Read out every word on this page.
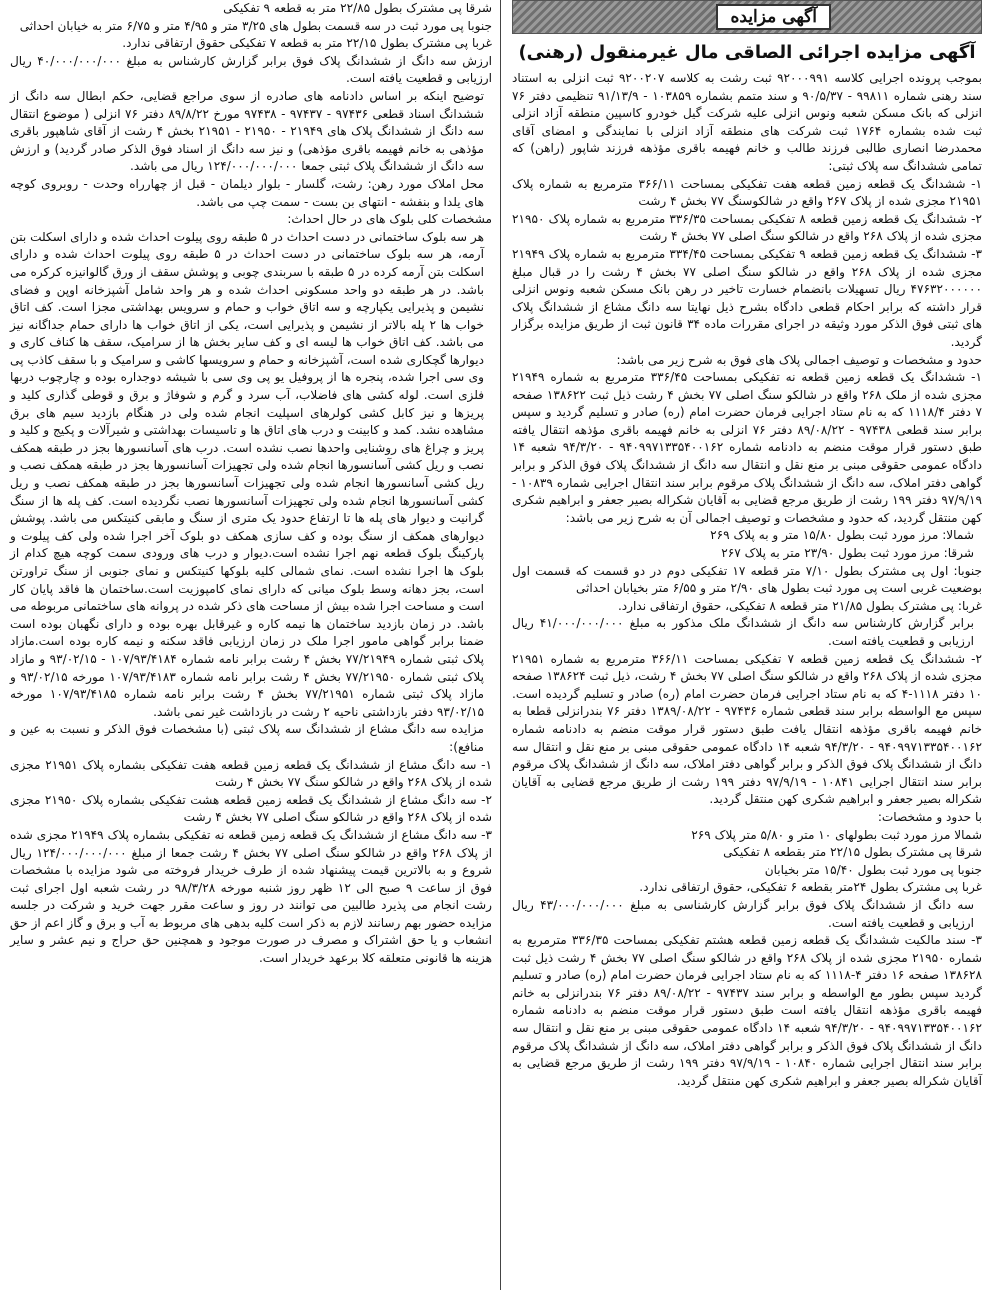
آگهی مزایده
آگهی مزایده اجرائی الصاقی مال غیرمنقول (رهنی)

بموجب پرونده اجرایی کلاسه ۹۲۰۰۰۹۹۱ ثبت رشت به کلاسه ۹۲۰۰۲۰۷ ثبت انزلی به استناد سند رهنی شماره ۹۹۸۱۱ - ۹۰/۵/۳۷ و سند متمم بشماره ۱۰۳۸۵۹ - ۹۱/۱۳/۹ تنظیمی دفتر ۷۶ انزلی که بانک مسکن شعبه ونوس انزلی علیه شرکت گیل خودرو کاسپین منطقه آزاد انزلی ثبت شده بشماره ۱۷۶۴ ثبت شرکت های منطقه آزاد انزلی با نمایندگی و امضای آقای محمدرضا انصاری طالبی فرزند طالب و خانم فهیمه باقری مؤذهه فرزند شاپور (راهن) که تمامی ششدانگ سه پلاک ثبتی:

۱- ششدانگ یک قطعه زمین قطعه هفت تفکیکی بمساحت ۳۶۶/۱۱ مترمربع به شماره پلاک ۲۱۹۵۱ مجزی شده از پلاک ۲۶۷ واقع در شالکوسنگ ۷۷ بخش ۴ رشت

۲- ششدانگ یک قطعه زمین قطعه ۸ تفکیکی بمساحت ۳۳۶/۳۵ مترمربع به شماره پلاک ۲۱۹۵۰ مجزی شده از پلاک ۲۶۸ واقع در شالکو سنگ اصلی ۷۷ بخش ۴ رشت

۳- ششدانگ یک قطعه زمین قطعه ۹ تفکیکی بمساحت ۳۳۴/۴۵ مترمربع به شماره پلاک ۲۱۹۴۹ مجزی شده از پلاک ۲۶۸ واقع در شالکو سنگ اصلی ۷۷ بخش ۴ رشت را در قبال مبلغ ۴۷۶۳۲۰۰۰۰۰۰ ریال تسهیلات بانضمام خسارت تاخیر در رهن بانک مسکن شعبه ونوس انزلی قرار داشته که برابر احکام قطعی دادگاه بشرح ذیل نهایتا سه دانگ مشاع از ششدانگ پلاک های ثبتی فوق الذکر مورد وثیقه در اجرای مقررات ماده ۳۴ قانون ثبت از طریق مزایده برگزار گردید.

حدود و مشخصات و توصیف اجمالی پلاک های فوق به شرح زیر می باشد:

۱- ششدانگ یک قطعه زمین قطعه نه تفکیکی بمساحت ۳۳۶/۴۵ مترمربع به شماره ۲۱۹۴۹ مجزی شده از ملک ۲۶۸ واقع در شالکو سنگ اصلی ۷۷ بخش ۴ رشت ذیل ثبت ۱۳۸۶۲۲ صفحه ۷ دفتر ۱۱۱۸/۴ که به نام ستاد اجرایی فرمان حضرت امام (ره) صادر و تسلیم گردید و سپس برابر سند قطعی ۹۷۴۳۸ - ۸۹/۰۸/۲۲ دفتر ۷۶ انزلی به خانم فهیمه باقری مؤذهه انتقال یافته طبق دستور قرار موقت منضم به دادنامه شماره ۹۴۰۹۹۷۱۳۳۵۴۰۰۱۶۲ - ۹۴/۳/۲۰ شعبه ۱۴ دادگاه عمومی حقوقی مبنی بر منع نقل و انتقال سه دانگ از ششدانگ پلاک فوق الذکر و برابر گواهی دفتر املاک، سه دانگ از ششدانگ پلاک مرقوم برابر سند انتقال اجرایی شماره ۱۰۸۳۹ - ۹۷/۹/۱۹ دفتر ۱۹۹ رشت از طریق مرجع قضایی به آقایان شکراله بصیر جعفر و ابراهیم شکری کهن منتقل گردید، که حدود و مشخصات و توصیف اجمالی آن به شرح زیر می باشد:

شمالا: مرز مورد ثبت بطول ۱۵/۸۰ متر و به پلاک ۲۶۹

شرقا: مرز مورد ثبت بطول ۲۳/۹۰ متر به پلاک ۲۶۷

جنوبا: اول پی مشترک بطول ۷/۱۰ متر قطعه ۱۷ تفکیکی دوم در دو قسمت که قسمت اول بوضعیت غربی است پی مورد ثبت بطول های ۲/۹۰ متر و ۶/۵۵ متر بخیابان احداثی

غربا: پی مشترک بطول ۲۱/۸۵ متر قطعه ۸ تفکیکی، حقوق ارتفاقی ندارد.

برابر گزارش کارشناس سه دانگ از ششدانگ ملک مذکور به مبلغ ۴۱/۰۰۰/۰۰۰/۰۰۰ ریال ارزیابی و قطعیت یافته است.

۲- ششدانگ یک قطعه زمین قطعه ۷ تفکیکی بمساحت ۳۶۶/۱۱ مترمربع به شماره ۲۱۹۵۱ مجزی شده از پلاک ۲۶۸ واقع در شالکو سنگ اصلی ۷۷ بخش ۴ رشت، ذیل ثبت ۱۳۸۶۲۴ صفحه ۱۰ دفتر ۱۱۱۸-۴ که به نام ستاد اجرایی فرمان حضرت امام (ره) صادر و تسلیم گردیده است. سپس مع الواسطه برابر سند قطعی شماره ۹۷۴۳۶ - ۱۳۸۹/۰۸/۲۲ دفتر ۷۶ بندرانزلی قطعا به خانم فهیمه باقری مؤذهه انتقال یافت طبق دستور قرار موقت منضم به دادنامه شماره ۹۴۰۹۹۷۱۳۳۵۴۰۰۱۶۲ - ۹۴/۳/۲۰ شعبه ۱۴ دادگاه عمومی حقوقی مبنی بر منع نقل و انتقال سه دانگ از ششدانگ پلاک فوق الذکر و برابر گواهی دفتر املاک، سه دانگ از ششدانگ پلاک مرقوم برابر سند انتقال اجرایی ۱۰۸۴۱ - ۹۷/۹/۱۹ دفتر ۱۹۹ رشت از طریق مرجع قضایی به آقایان شکراله بصیر جعفر و ابراهیم شکری کهن منتقل گردید.

با حدود و مشخصات:

شمالا مرز مورد ثبت بطولهای ۱۰ متر و ۵/۸۰ متر پلاک ۲۶۹

شرقا پی مشترک بطول ۲۲/۱۵ متر بقطعه ۸ تفکیکی

جنوبا پی مورد ثبت بطول ۱۵/۴۰ متر بخیابان

غربا پی مشترک بطول ۲۴متر بقطعه ۶ تفکیکی، حقوق ارتفاقی ندارد.

سه دانگ از ششدانگ پلاک فوق برابر گزارش کارشناسی به مبلغ ۴۳/۰۰۰/۰۰۰/۰۰۰ ریال ارزیابی و قطعیت یافته است.

۳- سند مالکیت ششدانگ یک قطعه زمین قطعه هشتم تفکیکی بمساحت ۳۳۶/۳۵ مترمربع به شماره ۲۱۹۵۰ مجزی شده از پلاک ۲۶۸ واقع در شالکو سنگ اصلی ۷۷ بخش ۴ رشت ذیل ثبت ۱۳۸۶۲۸ صفحه ۱۶ دفتر ۴-۱۱۱۸ که به نام ستاد اجرایی فرمان حضرت امام (ره) صادر و تسلیم گردید سپس بطور مع الواسطه و برابر سند ۹۷۴۳۷ - ۸۹/۰۸/۲۲ دفتر ۷۶ بندرانزلی به خانم فهیمه باقری مؤذهه انتقال یافته است طبق دستور قرار موقت منضم به دادنامه شماره ۹۴۰۹۹۷۱۳۳۵۴۰۰۱۶۲ - ۹۴/۳/۲۰ شعبه ۱۴ دادگاه عمومی حقوقی مبنی بر منع نقل و انتقال سه دانگ از ششدانگ پلاک فوق الذکر و برابر گواهی دفتر املاک، سه دانگ از ششدانگ پلاک مرقوم برابر سند انتقال اجرایی شماره ۱۰۸۴۰ - ۹۷/۹/۱۹ دفتر ۱۹۹ رشت از طریق مرجع قضایی به آقایان شکراله بصیر جعفر و ابراهیم شکری کهن منتقل گردید.

شرقا پی مشترک بطول ۲۲/۸۵ متر به قطعه ۹ تفکیکی

جنوبا پی مورد ثبت در سه قسمت بطول های ۳/۲۵ متر و ۴/۹۵ متر و ۶/۷۵ متر به خیابان احداثی

غربا پی مشترک بطول ۲۲/۱۵ متر به قطعه ۷ تفکیکی حقوق ارتفاقی ندارد.

ارزش سه دانگ از ششدانگ پلاک فوق برابر گزارش کارشناس به مبلغ ۴۰/۰۰۰/۰۰۰/۰۰۰ ریال ارزیابی و قطعیت یافته است.

توضیح اینکه بر اساس دادنامه های صادره از سوی مراجع قضایی، حکم ابطال سه دانگ از ششدانگ اسناد قطعی ۹۷۴۳۶ - ۹۷۴۳۷ - ۹۷۴۳۸ مورخ ۸۹/۸/۲۲ دفتر ۷۶ انزلی ( موضوع انتقال سه دانگ از ششدانگ پلاک های ۲۱۹۴۹ - ۲۱۹۵۰ - ۲۱۹۵۱ بخش ۴ رشت از آقای شاهپور باقری مؤذهی به خانم فهیمه باقری مؤذهی) و نیز سه دانگ از اسناد فوق الذکر صادر گردید) و ارزش سه دانگ از ششدانگ پلاک ثبتی جمعا ۱۲۴/۰۰۰/۰۰۰/۰۰۰ ریال می باشد.

محل املاک مورد رهن: رشت، گلسار - بلوار دیلمان - قبل از چهارراه وحدت - روبروی کوچه های یلدا و بنفشه - انتهای بن بست - سمت چپ می باشد.

مشخصات کلی بلوک های در حال احداث:

هر سه بلوک ساختمانی در دست احداث در ۵ طبقه روی پیلوت احداث شده و دارای اسکلت بتن آرمه، هر سه بلوک ساختمانی در دست احداث در ۵ طبقه روی پیلوت احداث شده و دارای اسکلت بتن آرمه کرده در ۵ طبقه با سربندی چوبی و پوشش سقف از ورق گالوانیزه کرکره می باشد. در هر طبقه دو واحد مسکونی احداث شده و هر واحد شامل آشپزخانه اوپن و فضای نشیمن و پذیرایی یکپارچه و سه اتاق خواب و حمام و سرویس بهداشتی مجزا است. کف اتاق خواب ها ۲ پله بالاتر از نشیمن و پذیرایی است، یکی از اتاق خواب ها دارای حمام جداگانه نیز می باشد. کف اتاق خواب ها لیسه ای و کف سایر بخش ها از سرامیک، سقف ها کناف کاری و دیوارها گچکاری شده است، آشپزخانه و حمام و سرویسها کاشی و سرامیک و با سقف کاذب پی وی سی اجرا شده، پنجره ها از پروفیل یو پی وی سی با شیشه دوجداره بوده و چارچوب دربها فلزی است. لوله کشی های فاضلاب، آب سرد و گرم و شوفاژ و برق و قوطی گذاری کلید و پریزها و نیز کابل کشی کولرهای اسپلیت انجام شده ولی در هنگام بازدید سیم های برق مشاهده نشد. کمد و کابینت و درب های اتاق ها و تاسیسات بهداشتی و شیرآلات و پکیج و کلید و پریز و چراغ های روشنایی واحدها نصب نشده است. درب های آسانسورها بجز در طبقه همکف نصب و ریل کشی آسانسورها انجام شده ولی تجهیزات آسانسورها بجز در طبقه همکف نصب و ریل کشی آسانسورها انجام شده ولی تجهیزات آسانسورها بجز در طبقه همکف نصب و ریل کشی آسانسورها انجام شده ولی تجهیزات آسانسورها نصب نگردیده است. کف پله ها از سنگ گرانیت و دیوار های پله ها تا ارتفاع حدود یک متری از سنگ و مابقی کنیتکس می باشد. پوشش دیوارهای همکف از سنگ بوده و کف سازی همکف دو بلوک آخر اجرا شده ولی کف پیلوت و پارکینگ بلوک قطعه نهم اجرا نشده است.دیوار و درب های ورودی سمت کوچه هیچ کدام از بلوک ها اجرا نشده است. نمای شمالی کلیه بلوکها کنیتکس و نمای جنوبی از سنگ تراورتن است، بجز دهانه وسط بلوک میانی که دارای نمای کامپوزیت است.ساختمان ها فاقد پایان کار است و مساحت اجرا شده بیش از مساحت های ذکر شده در پروانه های ساختمانی مربوطه می باشد. در زمان بازدید ساختمان ها نیمه کاره و غیرقابل بهره بوده و دارای نگهبان بوده است ضمنا برابر گواهی مامور اجرا ملک در زمان ارزیابی فاقد سکنه و نیمه کاره بوده است.مازاد پلاک ثبتی شماره ۷۷/۲۱۹۴۹ بخش ۴ رشت برابر نامه شماره ۱۰۷/۹۳/۴۱۸۴ - ۹۳/۰۲/۱۵ و مازاد پلاک ثبتی شماره ۷۷/۲۱۹۵۰ بخش ۴ رشت برابر نامه شماره ۱۰۷/۹۳/۴۱۸۳ مورخه ۹۳/۰۲/۱۵ و مازاد پلاک ثبتی شماره ۷۷/۲۱۹۵۱ بخش ۴ رشت برابر نامه شماره ۱۰۷/۹۳/۴۱۸۵ مورخه ۹۳/۰۲/۱۵ دفتر بازداشتی ناحیه ۲ رشت در بازداشت غیر نمی باشد.

مزایده سه دانگ مشاع از ششدانگ سه پلاک ثبتی (با مشخصات فوق الذکر و نسبت به عین و منافع):

۱- سه دانگ مشاع از ششدانگ یک قطعه زمین قطعه هفت تفکیکی بشماره پلاک ۲۱۹۵۱ مجزی شده از پلاک ۲۶۸ واقع در شالکو سنگ ۷۷ بخش ۴ رشت

۲- سه دانگ مشاع از ششدانگ یک قطعه زمین قطعه هشت تفکیکی بشماره پلاک ۲۱۹۵۰ مجزی شده از پلاک ۲۶۸ واقع در شالکو سنگ اصلی ۷۷ بخش ۴ رشت

۳- سه دانگ مشاع از ششدانگ یک قطعه زمین قطعه نه تفکیکی بشماره پلاک ۲۱۹۴۹ مجزی شده از پلاک ۲۶۸ واقع در شالکو سنگ اصلی ۷۷ بخش ۴ رشت جمعا از مبلغ ۱۲۴/۰۰۰/۰۰۰/۰۰۰ ریال شروع و به بالاترین قیمت پیشنهاد شده از طرف خریدار فروخته می شود مزایده با مشخصات فوق از ساعت ۹ صبح الی ۱۲ ظهر روز شنبه مورخه ۹۸/۳/۲۸ در رشت شعبه اول اجرای ثبت رشت انجام می پذیرد طالبین می توانند در روز و ساعت مقرر جهت خرید و شرکت در جلسه مزایده حضور بهم رسانند لازم به ذکر است کلیه بدهی های مربوط به آب و برق و گاز اعم از حق انشعاب و یا حق اشتراک و مصرف در صورت موجود و همچنین حق حراج و نیم عشر و سایر هزینه ها قانونی متعلقه کلا برعهد خریدار است.
